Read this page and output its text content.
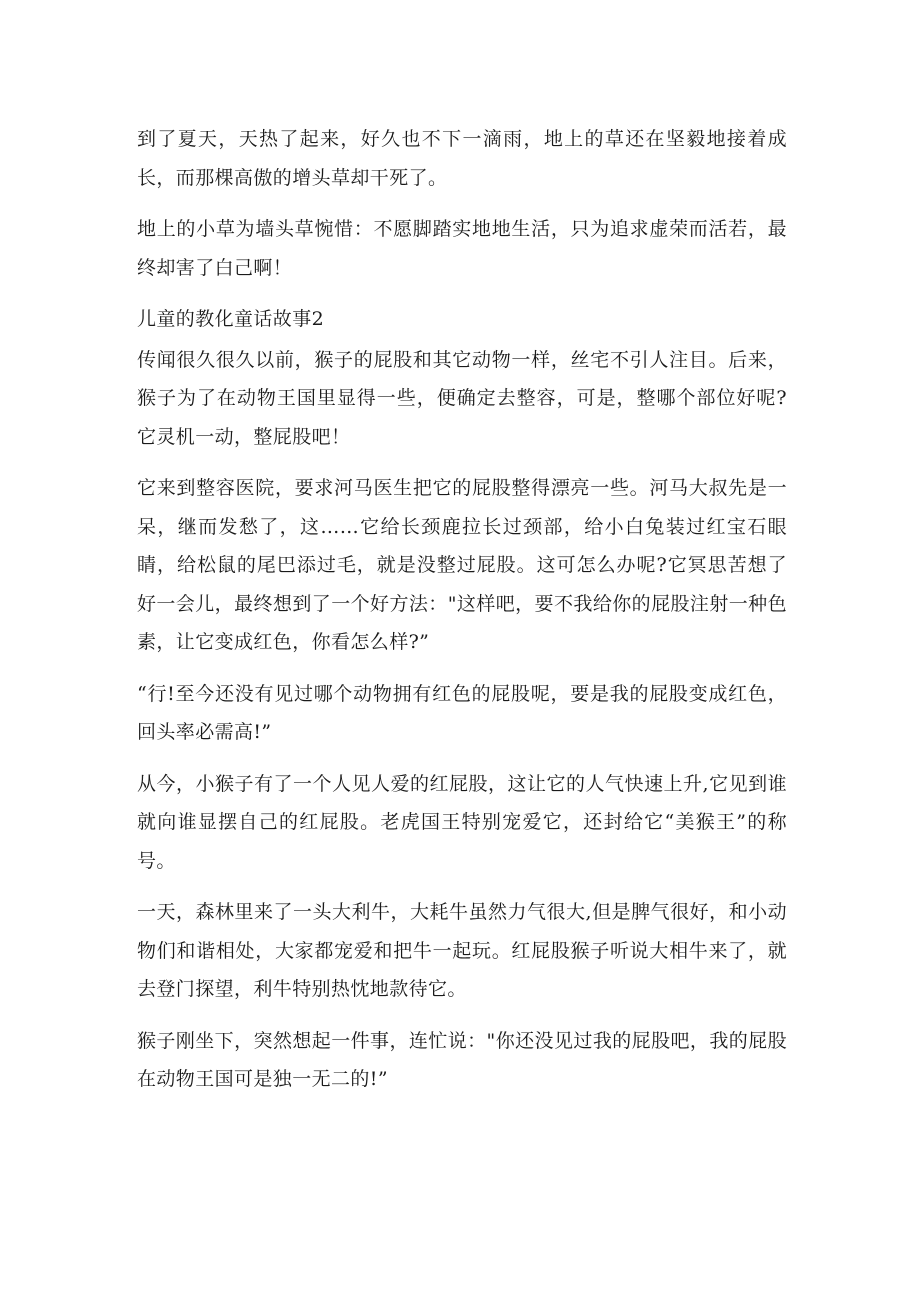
到了夏天，天热了起来，好久也不下一滴雨，地上的草还在坚毅地接着成长，而那棵高傲的增头草却干死了。

地上的小草为墙头草惋惜：不愿脚踏实地地生活，只为追求虚荣而活若，最终却害了白己啊！

儿童的教化童话故事2

传闻很久很久以前，猴子的屁股和其它动物一样，丝宅不引人注目。后来，猴子为了在动物王国里显得一些，便确定去整容，可是，整哪个部位好呢?它灵机一动，整屁股吧！

它来到整容医院，要求河马医生把它的屁股整得漂亮一些。河马大叔先是一呆，继而发愁了，这……它给长颈鹿拉长过颈部，给小白兔装过红宝石眼睛，给松鼠的尾巴添过毛，就是没整过屁股。这可怎么办呢?它冥思苦想了好一会儿，最终想到了一个好方法："这样吧，要不我给你的屁股注射一种色素，让它变成红色，你看怎么样?”

“行!至今还没有见过哪个动物拥有红色的屁股呢，要是我的屁股变成红色，回头率必需高!”

从今，小猴子有了一个人见人爱的红屁股，这让它的人气快速上升,它见到谁就向谁显摆自己的红屁股。老虎国王特别宠爱它，还封给它“美猴王”的称号。

一天，森林里来了一头大利牛，大耗牛虽然力气很大,但是脾气很好，和小动物们和谐相处，大家都宠爱和把牛一起玩。红屁股猴子听说大相牛来了，就去登门探望，利牛特别热忱地款待它。

猴子刚坐下，突然想起一件事，连忙说："你还没见过我的屁股吧，我的屁股在动物王国可是独一无二的!”
